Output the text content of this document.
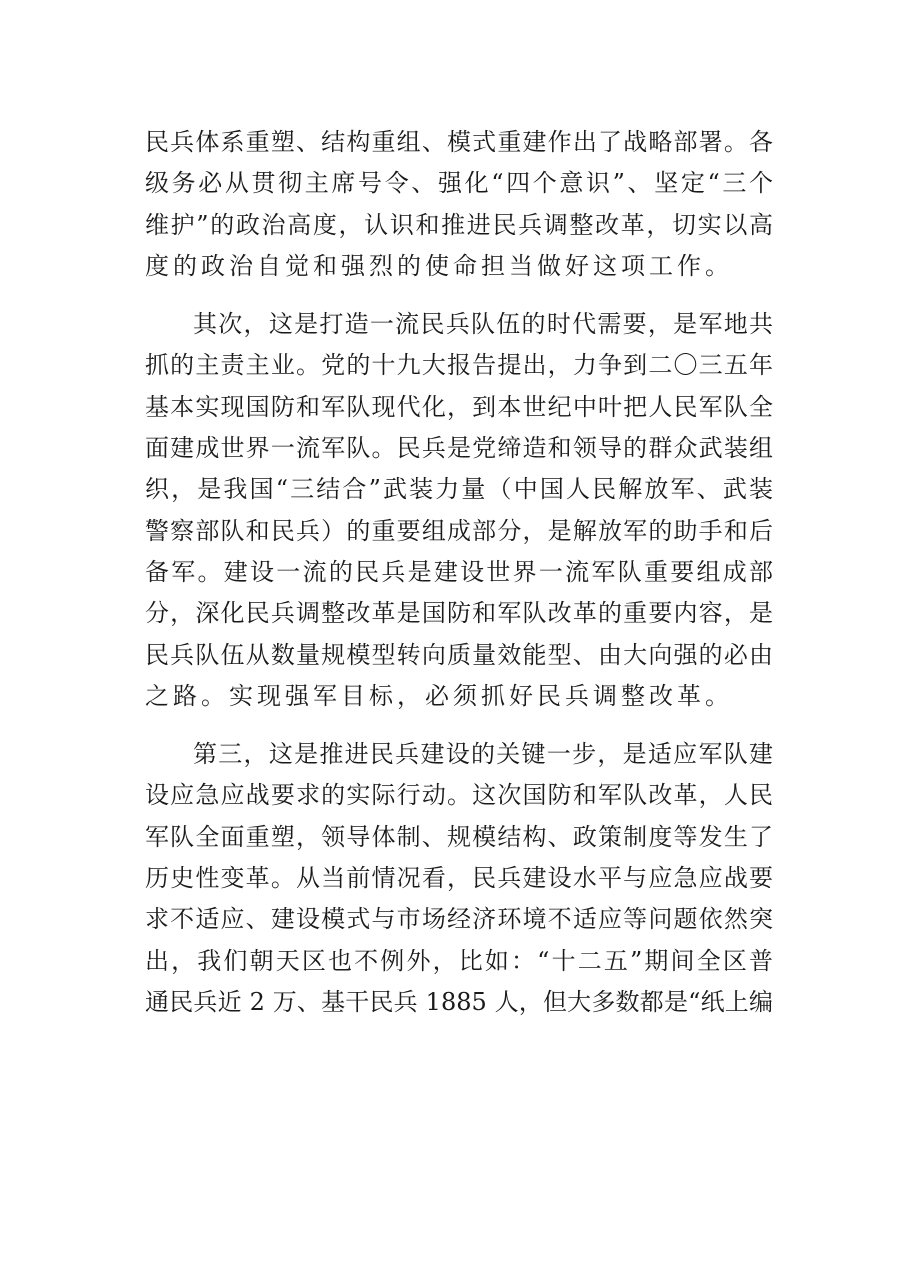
民兵体系重塑、结构重组、模式重建作出了战略部署。各
级务必从贯彻主席号令、强化“四个意识”、坚定“三个
维护”的政治高度，认识和推进民兵调整改革，切实以高
度的政治自觉和强烈的使命担当做好这项工作。
其次，这是打造一流民兵队伍的时代需要，是军地共
抓的主责主业。党的十九大报告提出，力争到二〇三五年
基本实现国防和军队现代化，到本世纪中叶把人民军队全
面建成世界一流军队。民兵是党缔造和领导的群众武装组
织，是我国“三结合”武装力量（中国人民解放军、武装
警察部队和民兵）的重要组成部分，是解放军的助手和后
备军。建设一流的民兵是建设世界一流军队重要组成部
分，深化民兵调整改革是国防和军队改革的重要内容，是
民兵队伍从数量规模型转向质量效能型、由大向强的必由
之路。实现强军目标，必须抓好民兵调整改革。
第三，这是推进民兵建设的关键一步，是适应军队建
设应急应战要求的实际行动。这次国防和军队改革，人民
军队全面重塑，领导体制、规模结构、政策制度等发生了
历史性变革。从当前情况看，民兵建设水平与应急应战要
求不适应、建设模式与市场经济环境不适应等问题依然突
出，我们朝天区也不例外，比如：“十二五”期间全区普
通民兵近 2 万、基干民兵 1885 人，但大多数都是“纸上编
